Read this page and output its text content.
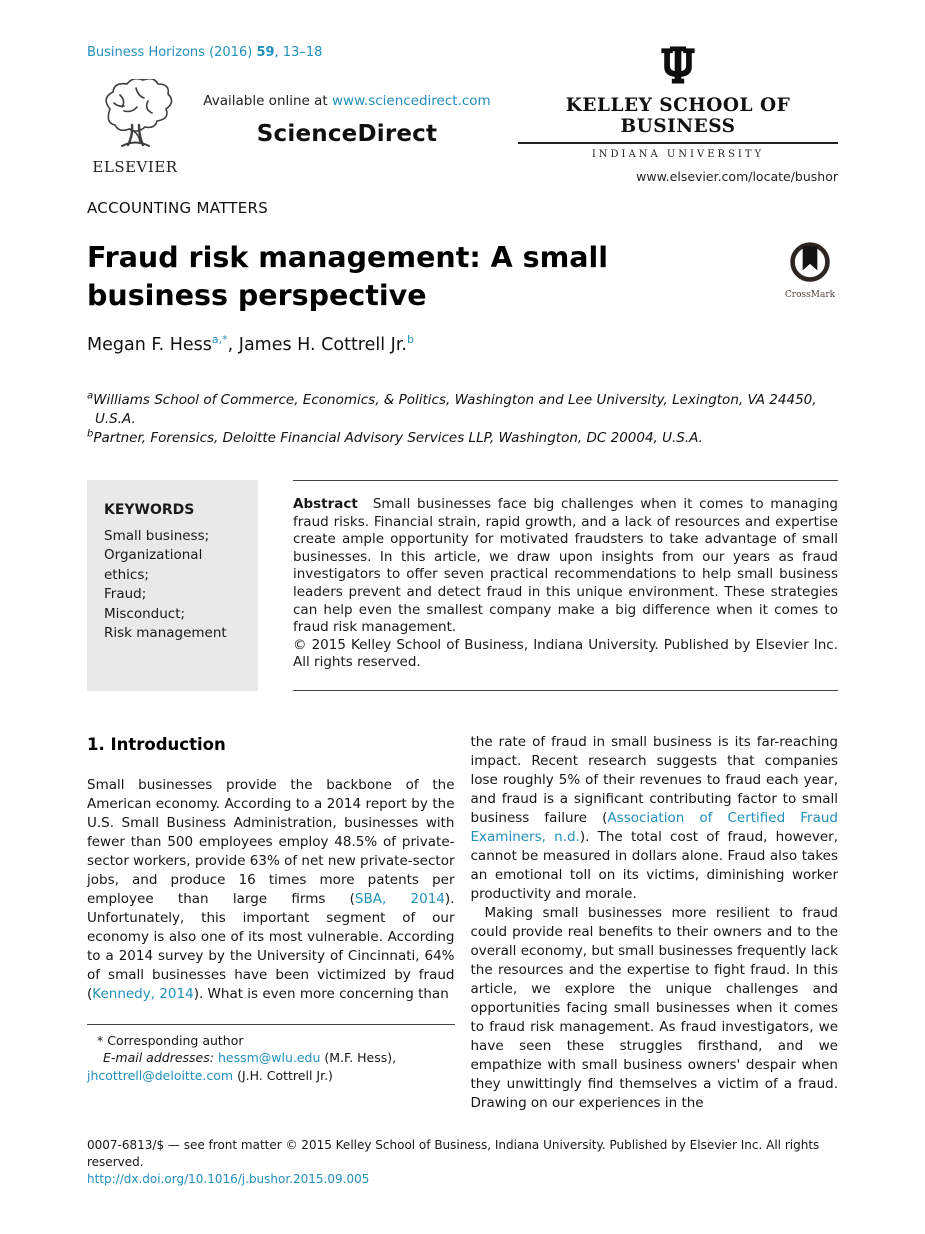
Business Horizons (2016) 59, 13–18
ELSEVIER
Available online at www.sciencedirect.com
ScienceDirect
KELLEY SCHOOL OF BUSINESS
INDIANA UNIVERSITY
www.elsevier.com/locate/bushor
ACCOUNTING MATTERS
Fraud risk management: A small business perspective	CrossMark
Megan F. Hess$^{a,*}$, James H. Cottrell Jr.$^b$
$^a$Williams School of Commerce, Economics, & Politics, Washington and Lee University, Lexington, VA 24450, U.S.A.
$^b$Partner, Forensics, Deloitte Financial Advisory Services LLP, Washington, DC 20004, U.S.A.
KEYWORDS
Small business;
Organizational ethics;
Fraud;
Misconduct;
Risk management
Abstract Small businesses face big challenges when it comes to managing fraud risks. Financial strain, rapid growth, and a lack of resources and expertise create ample opportunity for motivated fraudsters to take advantage of small businesses. In this article, we draw upon insights from our years as fraud investigators to offer seven practical recommendations to help small business leaders prevent and detect fraud in this unique environment. These strategies can help even the smallest company make a big difference when it comes to fraud risk management.
© 2015 Kelley School of Business, Indiana University. Published by Elsevier Inc. All rights reserved.
1. Introduction

Small businesses provide the backbone of the American economy. According to a 2014 report by the U.S. Small Business Administration, businesses with fewer than 500 employees employ 48.5% of private-sector workers, provide 63% of net new private-sector jobs, and produce 16 times more patents per employee than large firms (SBA, 2014). Unfortunately, this important segment of our economy is also one of its most vulnerable. According to a 2014 survey by the University of Cincinnati, 64% of small businesses have been victimized by fraud (Kennedy, 2014). What is even more concerning than

* Corresponding author

E-mail addresses: hessm@wlu.edu (M.F. Hess), jhcottrell@deloitte.com (J.H. Cottrell Jr.)

the rate of fraud in small business is its far-reaching impact. Recent research suggests that companies lose roughly 5% of their revenues to fraud each year, and fraud is a significant contributing factor to small business failure (Association of Certified Fraud Examiners, n.d.). The total cost of fraud, however, cannot be measured in dollars alone. Fraud also takes an emotional toll on its victims, diminishing worker productivity and morale.

Making small businesses more resilient to fraud could provide real benefits to their owners and to the overall economy, but small businesses frequently lack the resources and the expertise to fight fraud. In this article, we explore the unique challenges and opportunities facing small businesses when it comes to fraud risk management. As fraud investigators, we have seen these struggles firsthand, and we empathize with small business owners' despair when they unwittingly find themselves a victim of a fraud. Drawing on our experiences in the

0007-6813/$ — see front matter © 2015 Kelley School of Business, Indiana University. Published by Elsevier Inc. All rights reserved.
http://dx.doi.org/10.1016/j.bushor.2015.09.005
